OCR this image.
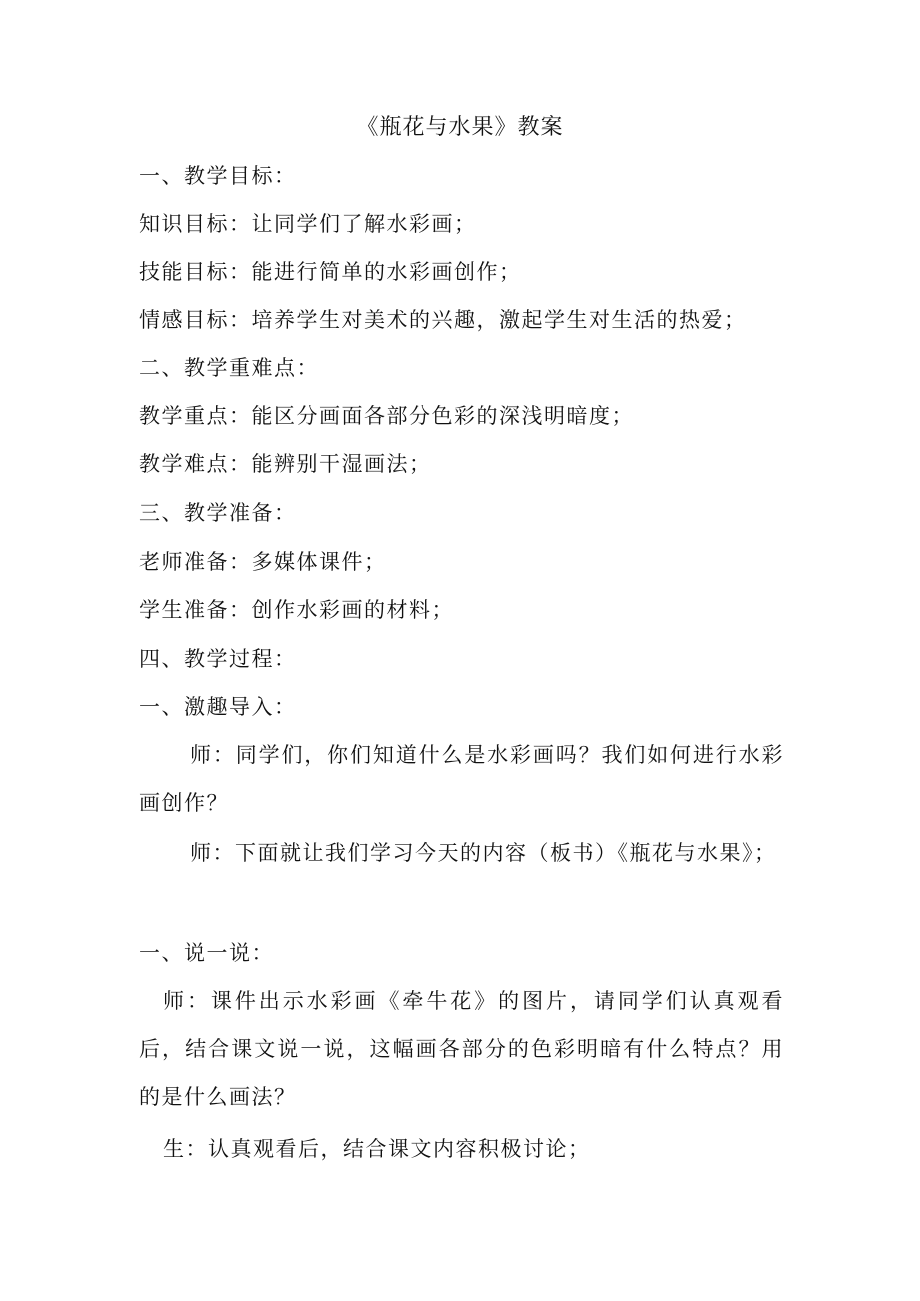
《瓶花与水果》教案
一、教学目标：
知识目标：让同学们了解水彩画；
技能目标：能进行简单的水彩画创作；
情感目标：培养学生对美术的兴趣，激起学生对生活的热爱；
二、教学重难点：
教学重点：能区分画面各部分色彩的深浅明暗度；
教学难点：能辨别干湿画法；
三、教学准备：
老师准备：多媒体课件；
学生准备：创作水彩画的材料；
四、教学过程：
一、激趣导入：
师：同学们，你们知道什么是水彩画吗？我们如何进行水彩画创作？
师：下面就让我们学习今天的内容（板书）《瓶花与水果》；
一、说一说：
师：课件出示水彩画《牵牛花》的图片，请同学们认真观看后，结合课文说一说，这幅画各部分的色彩明暗有什么特点？用的是什么画法？
生：认真观看后，结合课文内容积极讨论；
